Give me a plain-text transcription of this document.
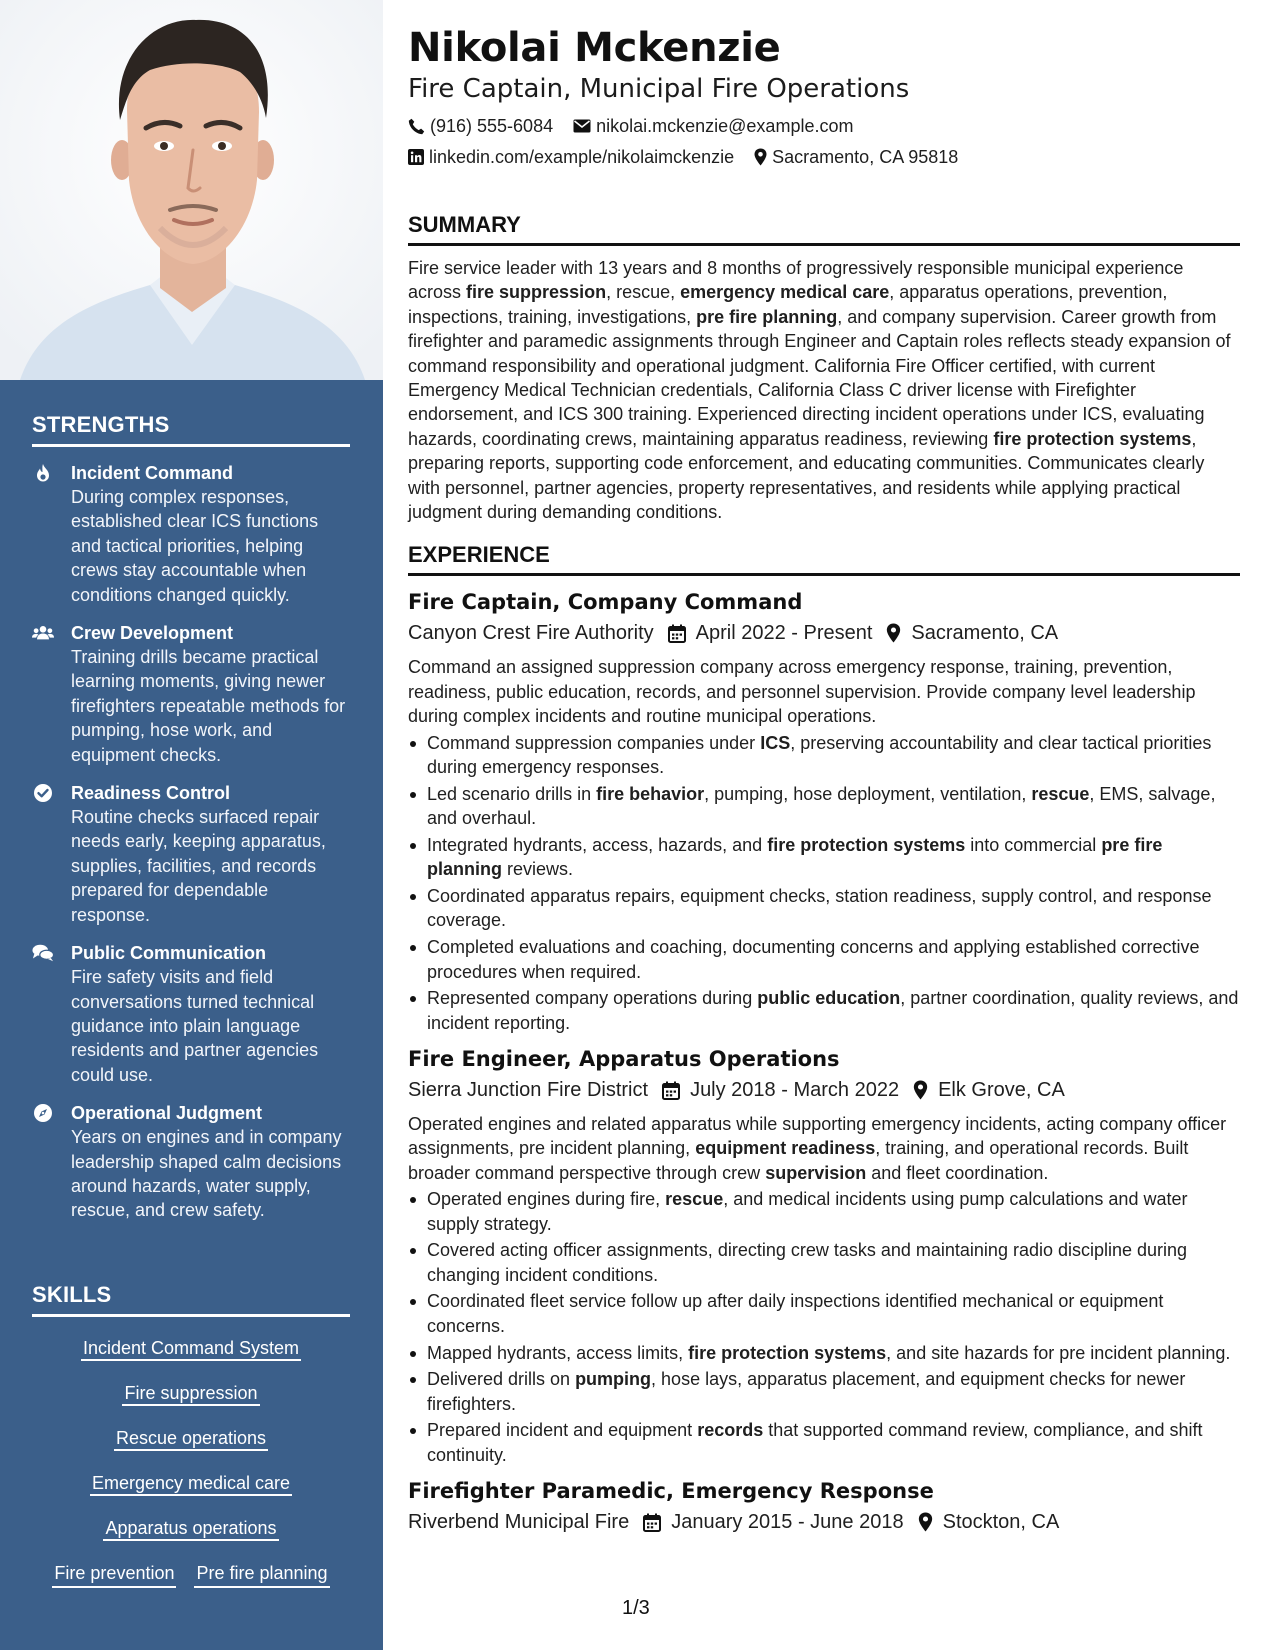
STRENGTHS
Incident Command
During complex responses, established clear ICS functions and tactical priorities, helping crews stay accountable when conditions changed quickly.
Crew Development
Training drills became practical learning moments, giving newer firefighters repeatable methods for pumping, hose work, and equipment checks.
Readiness Control
Routine checks surfaced repair needs early, keeping apparatus, supplies, facilities, and records prepared for dependable response.
Public Communication
Fire safety visits and field conversations turned technical guidance into plain language residents and partner agencies could use.
Operational Judgment
Years on engines and in company leadership shaped calm decisions around hazards, water supply, rescue, and crew safety.
SKILLS
Incident Command System
Fire suppression
Rescue operations
Emergency medical care
Apparatus operations
Fire prevention Pre fire planning
Nikolai Mckenzie
Fire Captain, Municipal Fire Operations
(916) 555-6084 nikolai.mckenzie@example.com
linkedin.com/example/nikolaimckenzie Sacramento, CA 95818
SUMMARY
Fire service leader with 13 years and 8 months of progressively responsible municipal experience across fire suppression, rescue, emergency medical care, apparatus operations, prevention, inspections, training, investigations, pre fire planning, and company supervision. Career growth from firefighter and paramedic assignments through Engineer and Captain roles reflects steady expansion of command responsibility and operational judgment. California Fire Officer certified, with current Emergency Medical Technician credentials, California Class C driver license with Firefighter endorsement, and ICS 300 training. Experienced directing incident operations under ICS, evaluating hazards, coordinating crews, maintaining apparatus readiness, reviewing fire protection systems, preparing reports, supporting code enforcement, and educating communities. Communicates clearly with personnel, partner agencies, property representatives, and residents while applying practical judgment during demanding conditions.
EXPERIENCE
Fire Captain, Company Command
Canyon Crest Fire Authority April 2022 - Present Sacramento, CA
Command an assigned suppression company across emergency response, training, prevention, readiness, public education, records, and personnel supervision. Provide company level leadership during complex incidents and routine municipal operations.
Command suppression companies under ICS, preserving accountability and clear tactical priorities during emergency responses.
Led scenario drills in fire behavior, pumping, hose deployment, ventilation, rescue, EMS, salvage, and overhaul.
Integrated hydrants, access, hazards, and fire protection systems into commercial pre fire planning reviews.
Coordinated apparatus repairs, equipment checks, station readiness, supply control, and response coverage.
Completed evaluations and coaching, documenting concerns and applying established corrective procedures when required.
Represented company operations during public education, partner coordination, quality reviews, and incident reporting.
Fire Engineer, Apparatus Operations
Sierra Junction Fire District July 2018 - March 2022 Elk Grove, CA
Operated engines and related apparatus while supporting emergency incidents, acting company officer assignments, pre incident planning, equipment readiness, training, and operational records. Built broader command perspective through crew supervision and fleet coordination.
Operated engines during fire, rescue, and medical incidents using pump calculations and water supply strategy.
Covered acting officer assignments, directing crew tasks and maintaining radio discipline during changing incident conditions.
Coordinated fleet service follow up after daily inspections identified mechanical or equipment concerns.
Mapped hydrants, access limits, fire protection systems, and site hazards for pre incident planning.
Delivered drills on pumping, hose lays, apparatus placement, and equipment checks for newer firefighters.
Prepared incident and equipment records that supported command review, compliance, and shift continuity.
Firefighter Paramedic, Emergency Response
Riverbend Municipal Fire January 2015 - June 2018 Stockton, CA
1/3
